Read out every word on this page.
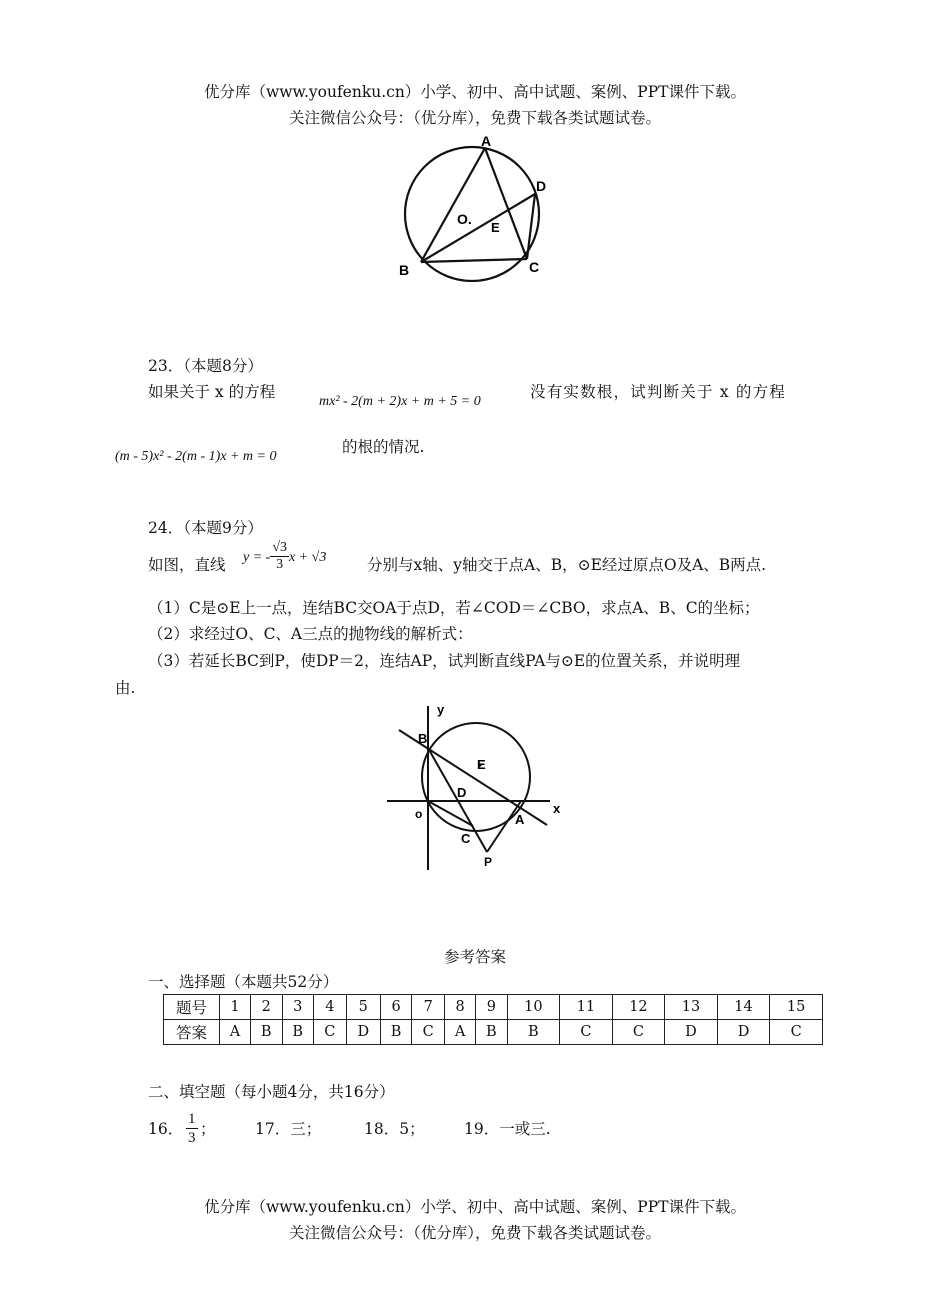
优分库（www.youfenku.cn）小学、初中、高中试题、案例、PPT课件下载。
关注微信公众号：（优分库），免费下载各类试题试卷。
A
D
O.
E
B	C
23．（本题8分）
如果关于 x 的方程
mx² - 2(m + 2)x + m + 5 = 0
没有实数根，试判断关于 x 的方程
的根的情况.
(m - 5)x² - 2(m - 1)x + m = 0
24．（本题9分）
如图，直线 y = - $\frac{√3}{3}$ x + √3	分别与x轴、y轴交于点A、B，⊙E经过原点O及A、B两点.
（1）C是⊙E上一点，连结BC交OA于点D，若∠COD＝∠CBO，求点A、B、C的坐标；
（2）求经过O、C、A三点的抛物线的解析式：
（3）若延长BC到P，使DP＝2，连结AP，试判断直线PA与⊙E的位置关系，并说明理
由.
y
x
o
B
E
D
A
C
P
参考答案
一、选择题（本题共52分）
题号	1	2	3	4	5	6	7	8	9	10	11	12	13	14	15
答案	A	B	B	C	D	B	C	A	B	B	C	C	D	D	C
二、填空题（每小题4分，共16分）
16． $\frac{1}{3}$ ；	17．三；	18．5；	19．一或三.
优分库（www.youfenku.cn）小学、初中、高中试题、案例、PPT课件下载。
关注微信公众号：（优分库），免费下载各类试题试卷。
